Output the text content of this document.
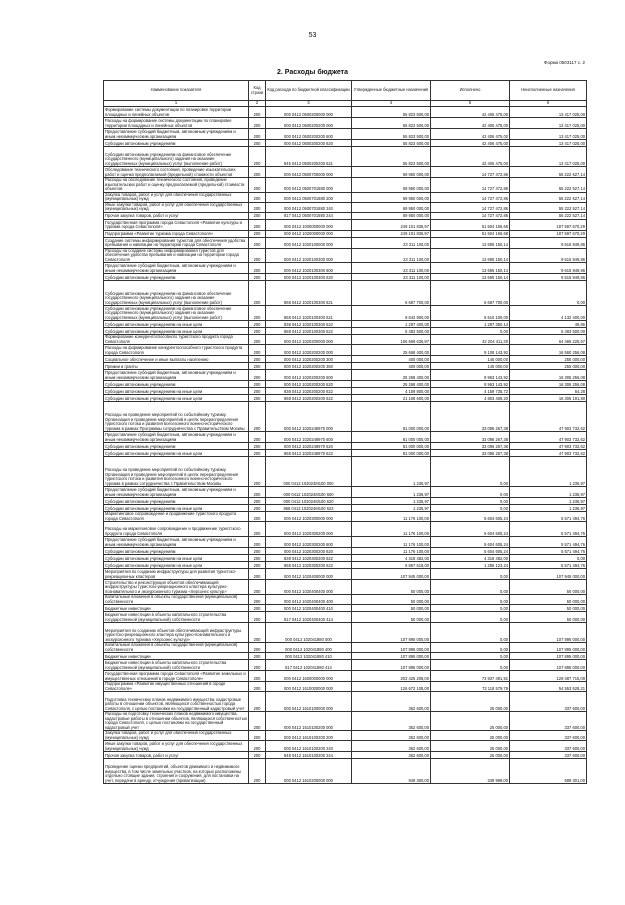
53
Форма 0503117 с. 2
2. Расходы бюджета
Наименование показателя	Код строки	Код расхода по бюджетной классификации	Утвержденные бюджетные назначения	Исполнено	Неисполненные назначения
1	2	3	4	5	6
Формирование системы документации по планировке территории площадных и линейных объектов	200	000 0412 0500200000 000	55 823 500,00	42 406 475,00	13 417 025,00
Расходы на формирование системы документации по планировке территории площадных и линейных объектов	200	000 0412 0500200200 000	55 823 500,00	42 406 475,00	13 417 025,00
Предоставление субсидий бюджетным, автономным учреждениям и иным некоммерческим организациям	200	000 0412 0500200200 600	55 823 500,00	42 406 475,00	13 417 025,00
Субсидии автономным учреждениям	200	000 0412 0500200200 620	55 823 500,00	42 406 475,00	13 417 025,00
Субсидии автономным учреждениям на финансовое обеспечение государственного (муниципального) задания на оказание государственных (муниципальных) услуг (выполнение работ)	200	845 0412 0500200200 621	55 823 500,00	42 406 475,00	13 417 025,00
Обследование технического состояния, проведение изыскательских работ и оценка предполагаемой (предельной) стоимости объектов	200	000 0412 0500700000 000	69 950 000,00	14 727 472,86	55 222 527,14
Расходы на обследование технического состояния, проведение изыскательских работ и оценку предполагаемой (предельной) стоимости объектов	200	000 0412 0500701880 000	69 950 000,00	14 727 472,86	55 222 527,14
Закупка товаров, работ и услуг для обеспечения государственных (муниципальных) нужд	200	000 0412 0500701880 200	69 950 000,00	14 727 472,86	55 222 527,14
Иные закупки товаров, работ и услуг для обеспечения государственных (муниципальных) нужд	200	000 0412 0500701880 240	69 950 000,00	14 727 472,86	55 222 527,14
Прочая закупка товаров, работ и услуг	200	817 0412 0500701880 244	69 950 000,00	14 727 472,86	55 222 527,14
Государственная программа города Севастополя «Развитие культуры и туризма города Севастополя»	200	000 0412 1000000000 000	249 101 836,97	61 504 166,68	187 597 670,29
Подпрограмма «Развитие туризма города Севастополя»	200	000 0412 1020000000 000	249 101 836,97	61 504 166,68	187 597 670,29
Создание системы информирования туристов для обеспечения удобства пребывания и навигации на территории города Севастополя	200	000 0412 1020100000 000	23 311 100,00	13 695 150,14	9 615 949,86
Расходы на создание системы информирования туристов для обеспечения удобства пребывания и навигации на территории города Севастополя	200	000 0412 1020100300 000	23 311 100,00	13 695 150,14	9 615 949,86
Предоставление субсидий бюджетным, автономным учреждениям и иным некоммерческим организациям	200	000 0412 1020100300 600	23 311 100,00	13 695 150,14	9 615 949,86
Субсидии автономным учреждениям	200	000 0412 1020100300 620	23 311 100,00	13 695 150,14	9 615 949,86
Субсидии автономным учреждениям на финансовое обеспечение государственного (муниципального) задания на оказание государственных (муниципальных) услуг (выполнение работ)	200	868 0412 1020100300 621	6 687 700,00	6 687 700,00	0,00
Субсидии автономным учреждениям на финансовое обеспечение государственного (муниципального) задания на оказание государственных (муниципальных) услуг (выполнение работ)	200	868 0412 1020100300 621	9 642 900,00	5 510 100,00	4 132 400,00
Субсидии автономным учреждениям на иные цели	200	838 0412 1020100300 622	1 297 400,00	1 297 350,14	49,86
Субсидии автономным учреждениям на иные цели	200	868 0412 1020100300 622	5 483 500,00	0,00	5 483 500,00
Формирование конкурентоспособного туристского продукта города Севастополя	200	000 0412 1020200000 000	106 669 636,97	42 204 411,30	64 465 225,67
Расходы на формирование конкурентоспособного туристского продукта города Севастополя	200	000 0412 1020200200 000	25 668 400,00	9 108 143,92	16 560 256,08
Социальное обеспечение и иные выплаты населению	200	000 0412 1020200200 300	400 000,00	145 000,00	255 000,00
Премии и гранты	200	000 0412 1020200200 350	400 000,00	145 000,00	255 000,00
Предоставление субсидий бюджетным, автономным учреждениям и иным некоммерческим организациям	200	000 0412 1020200200 600	25 268 400,00	8 963 143,92	16 305 256,08
Субсидии автономным учреждениям	200	000 0412 1020200200 620	25 268 400,00	8 963 143,92	16 305 256,08
Субсидии автономным учреждениям на иные цели	200	838 0412 1020200200 622	4 159 800,00	4 159 735,72	64,28
Субсидии автономным учреждениям на иные цели	200	868 0412 1020200200 622	21 108 600,00	4 803 408,20	16 305 191,80
Расходы на проведение мероприятий по событийному туризму. Организация и проведение мероприятий в целях перераспределения туристского потока и развития всесезонного военно-исторического туризма в рамках Программы сотрудничества с Правительством Москвы	200	000 0412 1020248970 000	81 000 000,00	33 096 267,38	47 903 732,62
Предоставление субсидий бюджетным, автономным учреждениям и иным некоммерческим организациям	200	000 0412 1020248970 600	81 000 000,00	33 096 267,38	47 903 732,62
Субсидии автономным учреждениям	200	000 0412 1020248970 620	81 000 000,00	33 096 267,38	47 903 732,62
Субсидии автономным учреждениям на иные цели	200	868 0412 1020248970 622	81 000 000,00	33 096 267,38	47 903 732,62
Расходы на проведение мероприятий по событийному туризму. Организация и проведение мероприятий в целях перераспределения туристского потока и развития всесезонного военно-исторического туризма в рамках сотрудничества с Правительством Москвы	200	000 0412 102024М100 000	1 236,97	0,00	1 236,97
Предоставление субсидий бюджетным, автономным учреждениям и иным некоммерческим организациям	200	000 0412 102024М100 600	1 236,97	0,00	1 236,97
Субсидии автономным учреждениям	200	000 0412 102024М100 620	1 236,97	0,00	1 236,97
Субсидии автономным учреждениям на иные цели	200	868 0412 102024М100 622	1 236,97	0,00	1 236,97
Маркетинговое сопровождение и продвижение туристского продукта города Севастополя	200	000 0412 1020300000 000	11 176 100,00	5 604 605,24	5 571 494,76
Расходы на маркетинговое сопровождение и продвижение туристского продукта города Севастополя	200	000 0412 1020300200 000	11 176 100,00	5 604 605,24	5 571 494,76
Предоставление субсидий бюджетным, автономным учреждениям и иным некоммерческим организациям	200	000 0412 1020300200 600	11 176 100,00	5 604 605,24	5 571 494,76
Субсидии автономным учреждениям	200	000 0412 1020300200 620	11 176 100,00	5 604 605,24	5 571 494,76
Субсидии автономным учреждениям на иные цели	200	838 0412 1020300200 622	4 318 482,00	4 318 482,00	0,00
Субсидии автономным учреждениям на иные цели	200	868 0412 1020300200 622	6 857 618,00	1 286 123,24	5 571 494,76
Мероприятия по созданию инфраструктуры для развития туристско-рекреационных кластеров	200	000 0412 1020400000 000	107 945 000,00	0,00	107 945 000,00
Строительство и реконструкция объектов обеспечивающей инфраструктуры туристско-рекреационного кластера культурно-познавательного и экскурсионного туризма «Херсонес культур»	200	000 0412 1020400400 000	50 000,00	0,00	50 000,00
Капитальные вложения в объекты государственной (муниципальной) собственности	200	000 0412 1020400400 400	50 000,00	0,00	50 000,00
Бюджетные инвестиции	200	000 0412 1020400400 410	50 000,00	0,00	50 000,00
Бюджетные инвестиции в объекты капитального строительства государственной (муниципальной) собственности	200	817 0412 1020400400 414	50 000,00	0,00	50 000,00
Мероприятия по созданию объектов обеспечивающей инфраструктуры туристско-рекреационного кластера культурно-познавательного и экскурсионного туризма «Херсонес культур»	200	000 0412 102041880 000	107 895 000,00	0,00	107 895 000,00
Капитальные вложения в объекты государственной (муниципальной) собственности	200	000 0412 102041880 400	107 895 000,00	0,00	107 895 000,00
Бюджетные инвестиции	200	000 0412 102041880 410	107 895 000,00	0,00	107 895 000,00
Бюджетные инвестиции в объекты капитального строительства государственной (муниципальной) собственности	200	817 0412 102041880 414	107 895 000,00	0,00	107 895 000,00
Государственная программа города Севастополя «Развитие земельных и имущественных отношений в городе Севастополе»	200	000 0412 1600000000 000	203 425 208,00	73 937 491,91	129 487 716,09
Подпрограмма «Развитие имущественных отношений в городе Севастополе»	200	000 0412 1610000000 000	126 672 108,00	72 118 579,79	54 553 528,21
Подготовка технических планов недвижимого имущества, кадастровые работы в отношении объектов, являющихся собственностью города Севастополя, с целью постановки на государственный кадастровый учет	200	000 0412 1610100000 000	362 600,00	25 000,00	337 600,00
Расходы на подготовку технических планов недвижимого имущества, кадастровые работы в отношении объектов, являющихся собственностью города Севастополя, с целью постановки на государственный кадастровый учет	200	000 0412 1610100200 000	362 600,00	25 000,00	337 600,00
Закупка товаров, работ и услуг для обеспечения государственных (муниципальных) нужд	200	000 0412 1610100200 200	362 600,00	25 000,00	337 600,00
Иные закупки товаров, работ и услуг для обеспечения государственных (муниципальных) нужд	200	000 0412 1610100200 240	362 600,00	25 000,00	337 600,00
Прочая закупка товаров, работ и услуг	200	848 0412 1610100200 244	362 600,00	25 000,00	337 600,00
Проведение оценки предприятий, объектов движимого и недвижимого имущества, в том числе земельных участков, на которых расположены отдельно стоящие здания, строения и сооружения, для постановки на учет, передачи в аренду, отчуждения (приватизации)	200	000 0412 1610200000 000	949 300,00	349 999,00	599 301,00
